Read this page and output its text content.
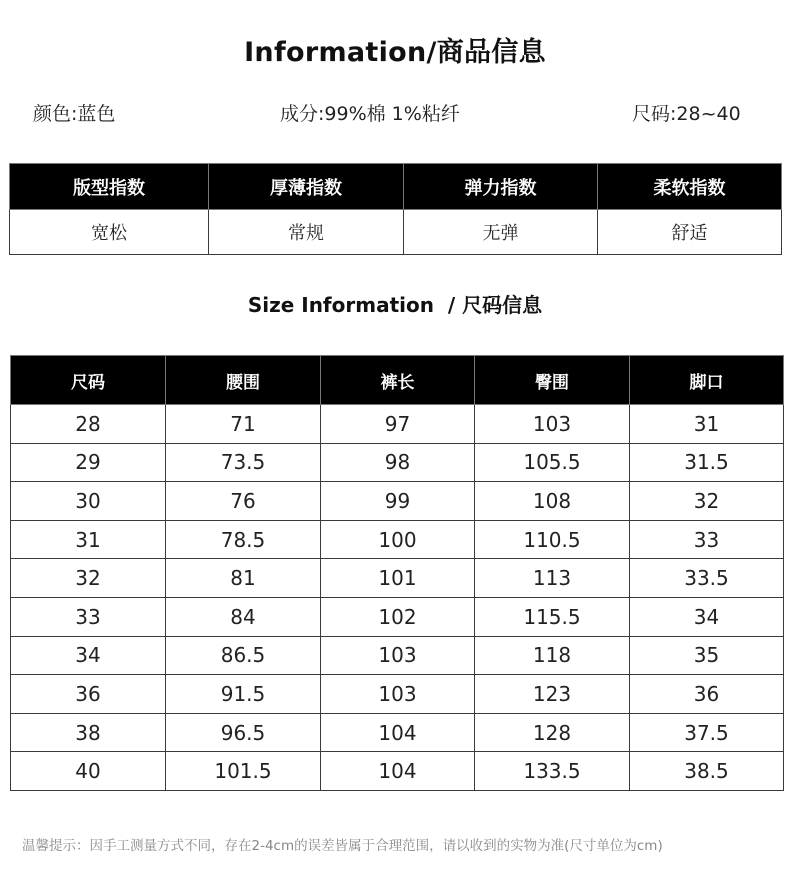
Information/商品信息
颜色:蓝色	成分:99%棉 1%粘纤	尺码:28~40
版型指数	厚薄指数	弹力指数	柔软指数
宽松	常规	无弹	舒适
Size Information  / 尺码信息
尺码	腰围	裤长	臀围	脚口
28	71	97	103	31
29	73.5	98	105.5	31.5
30	76	99	108	32
31	78.5	100	110.5	33
32	81	101	113	33.5
33	84	102	115.5	34
34	86.5	103	118	35
36	91.5	103	123	36
38	96.5	104	128	37.5
40	101.5	104	133.5	38.5
温馨提示：因手工测量方式不同，存在2-4cm的误差皆属于合理范围，请以收到的实物为准(尺寸单位为cm)
